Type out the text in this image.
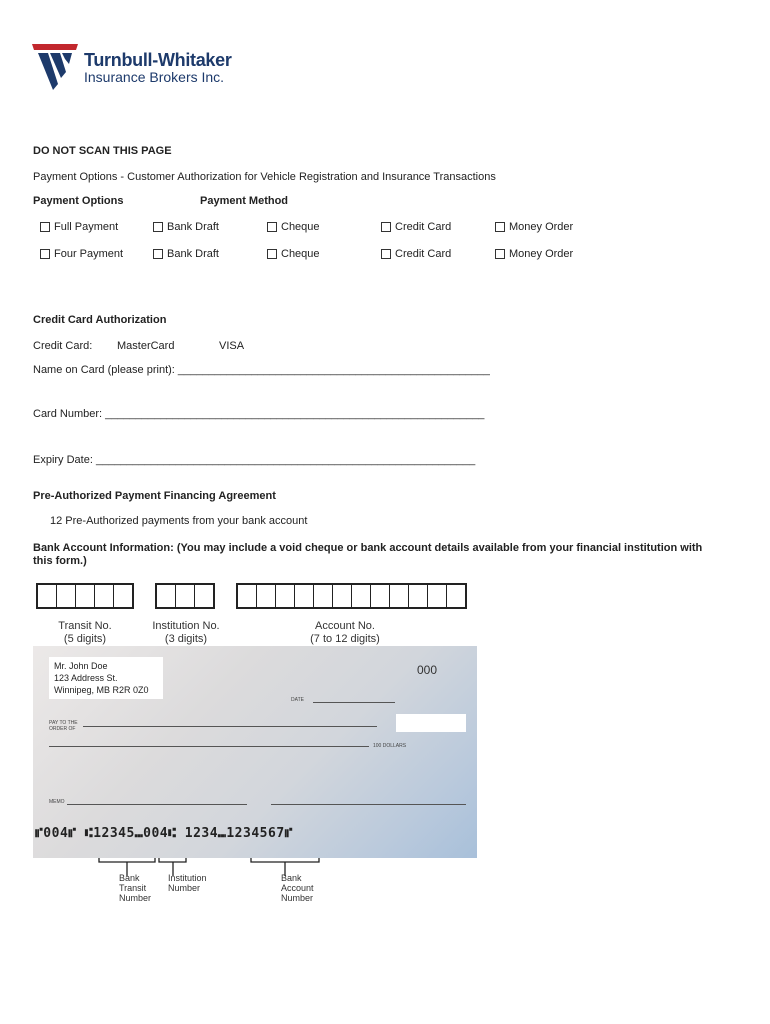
Turnbull-Whitaker
Insurance Brokers Inc.
DO NOT SCAN THIS PAGE
Payment Options - Customer Authorization for Vehicle Registration and Insurance Transactions
Payment Options	Payment Method
Full Payment	Bank Draft	Cheque	Credit Card	Money Order
Four Payment	Bank Draft	Cheque	Credit Card	Money Order
Credit Card Authorization
Credit Card: MasterCard	VISA
Name on Card (please print): ___________________________________________________
Card Number: ______________________________________________________________
Expiry Date: ______________________________________________________________
Pre-Authorized Payment Financing Agreement
12 Pre-Authorized payments from your bank account
Bank Account Information: (You may include a void cheque or bank account details available from your financial institution with this form.)
Transit No.
(5 digits)
Institution No.
(3 digits)
Account No.
(7 to 12 digits)
Mr. John Doe
123 Address St.
Winnipeg, MB R2R 0Z0
000
DATE
PAY TO THE ORDER OF
100 DOLLARS
MEMO
⑈004⑈ ⑆12345⑉004⑆ 1234⑉1234567⑈
Bank
Transit
Number
Institution
Number
Bank
Account
Number
